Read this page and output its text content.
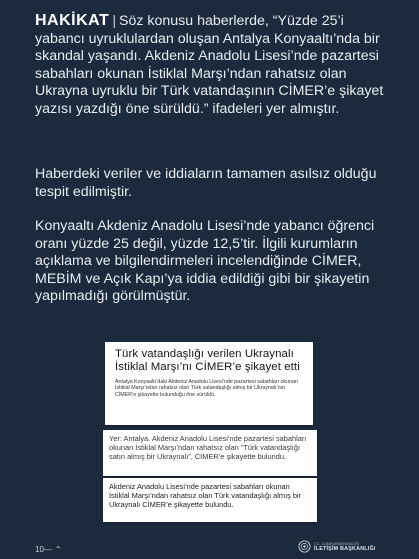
HAKİKAT | Söz konusu haberlerde, “Yüzde 25’i yabancı uyruklulardan oluşan Antalya Konyaaltı’nda bir skandal yaşandı. Akdeniz Anadolu Lisesi’nde pazartesi sabahları okunan İstiklal Marşı’ndan rahatsız olan Ukrayna uyruklu bir Türk vatandaşının CİMER’e şikayet yazısı yazdığı öne sürüldü.” ifadeleri yer almıştır.
Haberdeki veriler ve iddiaların tamamen asılsız olduğu tespit edilmiştir.
Konyaaltı Akdeniz Anadolu Lisesi’nde yabancı öğrenci oranı yüzde 25 değil, yüzde 12,5’tir. İlgili kurumların açıklama ve bilgilendirmeleri incelendiğinde CİMER, MEBİM ve Açık Kapı’ya iddia edildiği gibi bir şikayetin yapılmadığı görülmüştür.
Türk vatandaşlığı verilen Ukraynalı İstiklal Marşı’nı CİMER’e şikayet etti
Antalya Konyaaltı’daki Akdeniz Anadolu Lisesi’nde pazartesi sabahları okunan İstiklal Marşı’ndan rahatsız olan Türk vatandaşlığı almış bir Ukraynalı’nın CİMER’e şikayette bulunduğu öne sürüldü.
Yer: Antalya. Akdeniz Anadolu Lisesi’nde pazartesi sabahları okunan İstiklal Marşı’ndan rahatsız olan “Türk vatandaşlığı satın almış bir Ukraynalı”, CİMER’e şikayette bulundu.
Akdeniz Anadolu Lisesi’nde pazartesi sabahları okunan İstiklal Marşı’ndan rahatsız olan Türk vatandaşlığı almış bir Ukraynalı CİMER’e şikayette bulundu.
10— ⌃
T.C. CUMHURBAŞKANLIĞI
İLETİŞİM BAŞKANLIĞI
